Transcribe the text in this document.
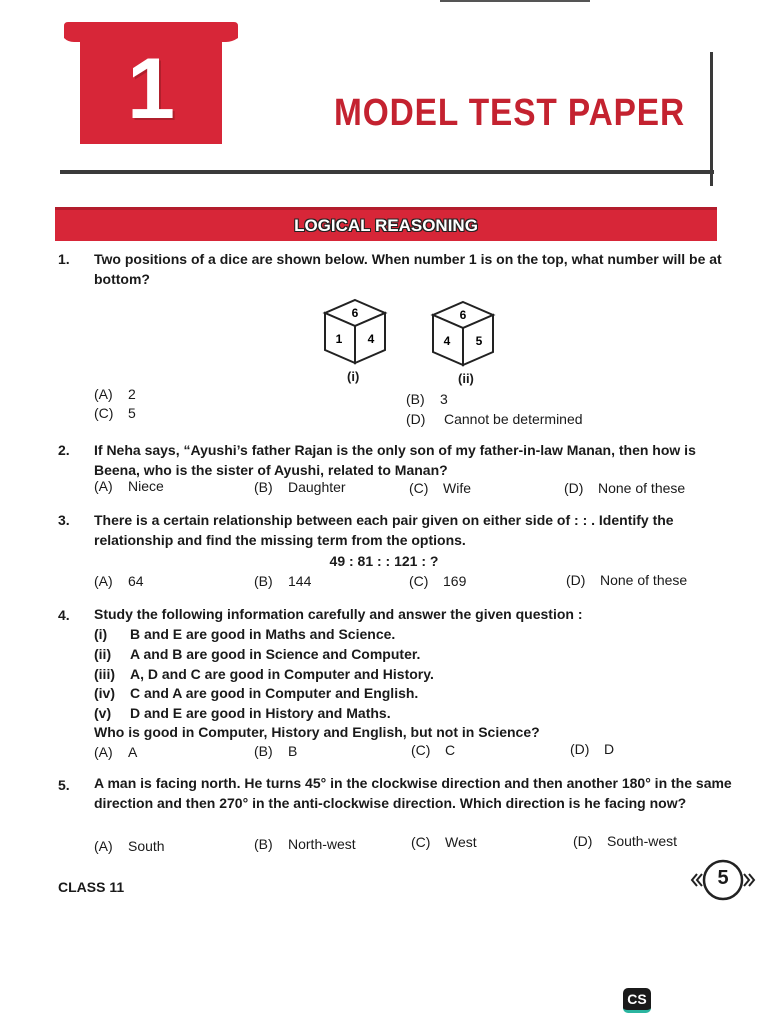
1	MODEL TEST PAPER
LOGICAL REASONING
1. Two positions of a dice are shown below. When number 1 is on the top, what number will be at bottom?
6
1 4
(i)
6
4 5
(ii)
(A) 2	(B) 3
(C) 5	(D) Cannot be determined
2. If Neha says, “Ayushi’s father Rajan is the only son of my father-in-law Manan, then how is Beena, who is the sister of Ayushi, related to Manan?
(A) Niece	(B) Daughter	(C) Wife	(D) None of these
3. There is a certain relationship between each pair given on either side of : : . Identify the relationship and find the missing term from the options.
49 : 81 : : 121 : ?
(A) 64	(B) 144	(C) 169	(D) None of these
4. Study the following information carefully and answer the given question :
(i) B and E are good in Maths and Science.
(ii) A and B are good in Science and Computer.
(iii) A, D and C are good in Computer and History.
(iv) C and A are good in Computer and English.
(v) D and E are good in History and Maths.
Who is good in Computer, History and English, but not in Science?
(A) A	(B) B	(C) C	(D) D
5. A man is facing north. He turns 45° in the clockwise direction and then another 180° in the same direction and then 270° in the anti-clockwise direction. Which direction is he facing now?
(A) South	(B) North-west	(C) West	(D) South-west
CLASS 11	5
CS
